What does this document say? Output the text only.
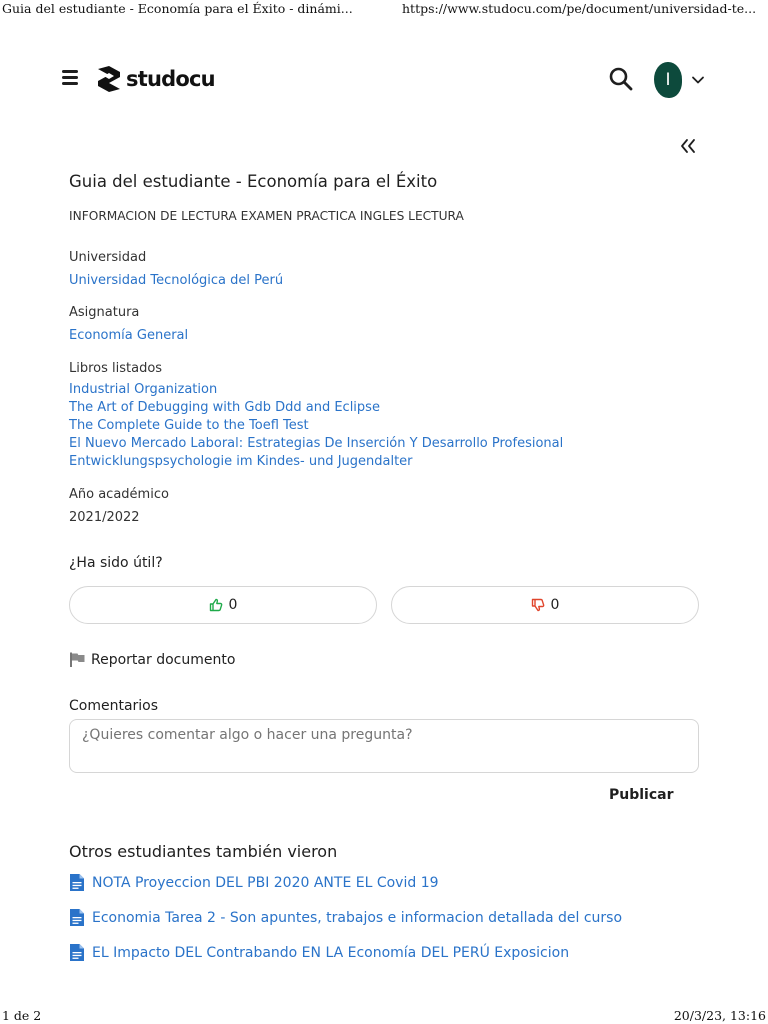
Guia del estudiante - Economía para el Éxito - dinámi...	https://www.studocu.com/pe/document/universidad-te...
studocu	I
Guia del estudiante - Economía para el Éxito
INFORMACION DE LECTURA EXAMEN PRACTICA INGLES LECTURA
Universidad
Universidad Tecnológica del Perú
Asignatura
Economía General
Libros listados
Industrial Organization
The Art of Debugging with Gdb Ddd and Eclipse
The Complete Guide to the Toefl Test
El Nuevo Mercado Laboral: Estrategias De Inserción Y Desarrollo Profesional
Entwicklungspsychologie im Kindes- und Jugendalter
Año académico
2021/2022
¿Ha sido útil?
0	0
Reportar documento
Comentarios
¿Quieres comentar algo o hacer una pregunta?
Publicar
Otros estudiantes también vieron
NOTA Proyeccion DEL PBI 2020 ANTE EL Covid 19
Economia Tarea 2 - Son apuntes, trabajos e informacion detallada del curso
EL Impacto DEL Contrabando EN LA Economía DEL PERÚ Exposicion
1 de 2	20/3/23, 13:16
